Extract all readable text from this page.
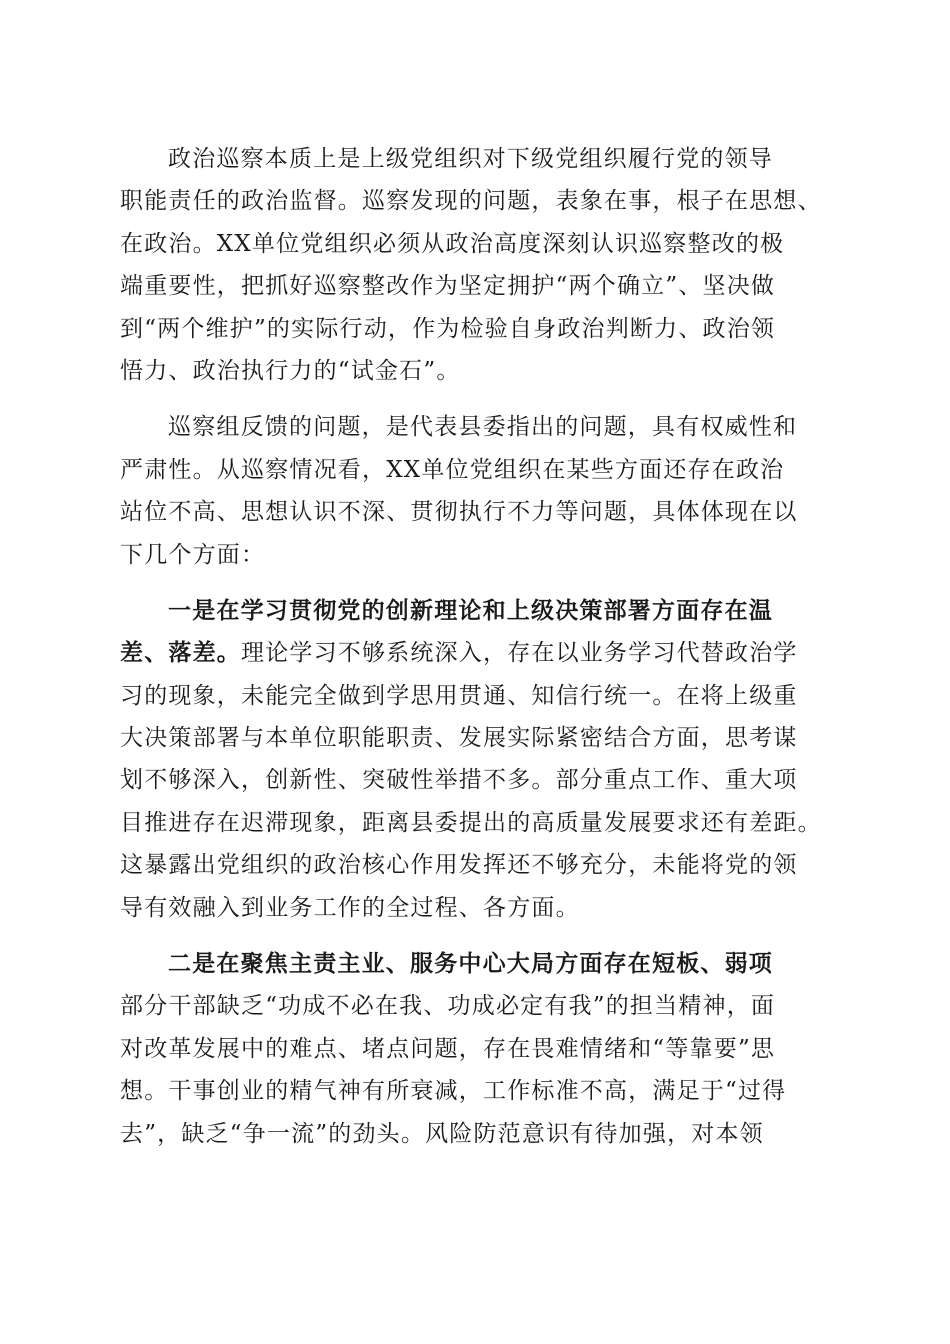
政治巡察本质上是上级党组织对下级党组织履行党的领导
职能责任的政治监督。巡察发现的问题，表象在事，根子在思想、
在政治。XX单位党组织必须从政治高度深刻认识巡察整改的极
端重要性，把抓好巡察整改作为坚定拥护“两个确立”、坚决做
到“两个维护”的实际行动，作为检验自身政治判断力、政治领
悟力、政治执行力的“试金石”。
巡察组反馈的问题，是代表县委指出的问题，具有权威性和
严肃性。从巡察情况看，XX单位党组织在某些方面还存在政治
站位不高、思想认识不深、贯彻执行不力等问题，具体体现在以
下几个方面：
一是在学习贯彻党的创新理论和上级决策部署方面存在温
差、落差。理论学习不够系统深入，存在以业务学习代替政治学
习的现象，未能完全做到学思用贯通、知信行统一。在将上级重
大决策部署与本单位职能职责、发展实际紧密结合方面，思考谋
划不够深入，创新性、突破性举措不多。部分重点工作、重大项
目推进存在迟滞现象，距离县委提出的高质量发展要求还有差距。
这暴露出党组织的政治核心作用发挥还不够充分，未能将党的领
导有效融入到业务工作的全过程、各方面。
二是在聚焦主责主业、服务中心大局方面存在短板、弱项
部分干部缺乏“功成不必在我、功成必定有我”的担当精神，面
对改革发展中的难点、堵点问题，存在畏难情绪和“等靠要”思
想。干事创业的精气神有所衰减，工作标准不高，满足于“过得
去”，缺乏“争一流”的劲头。风险防范意识有待加强，对本领
